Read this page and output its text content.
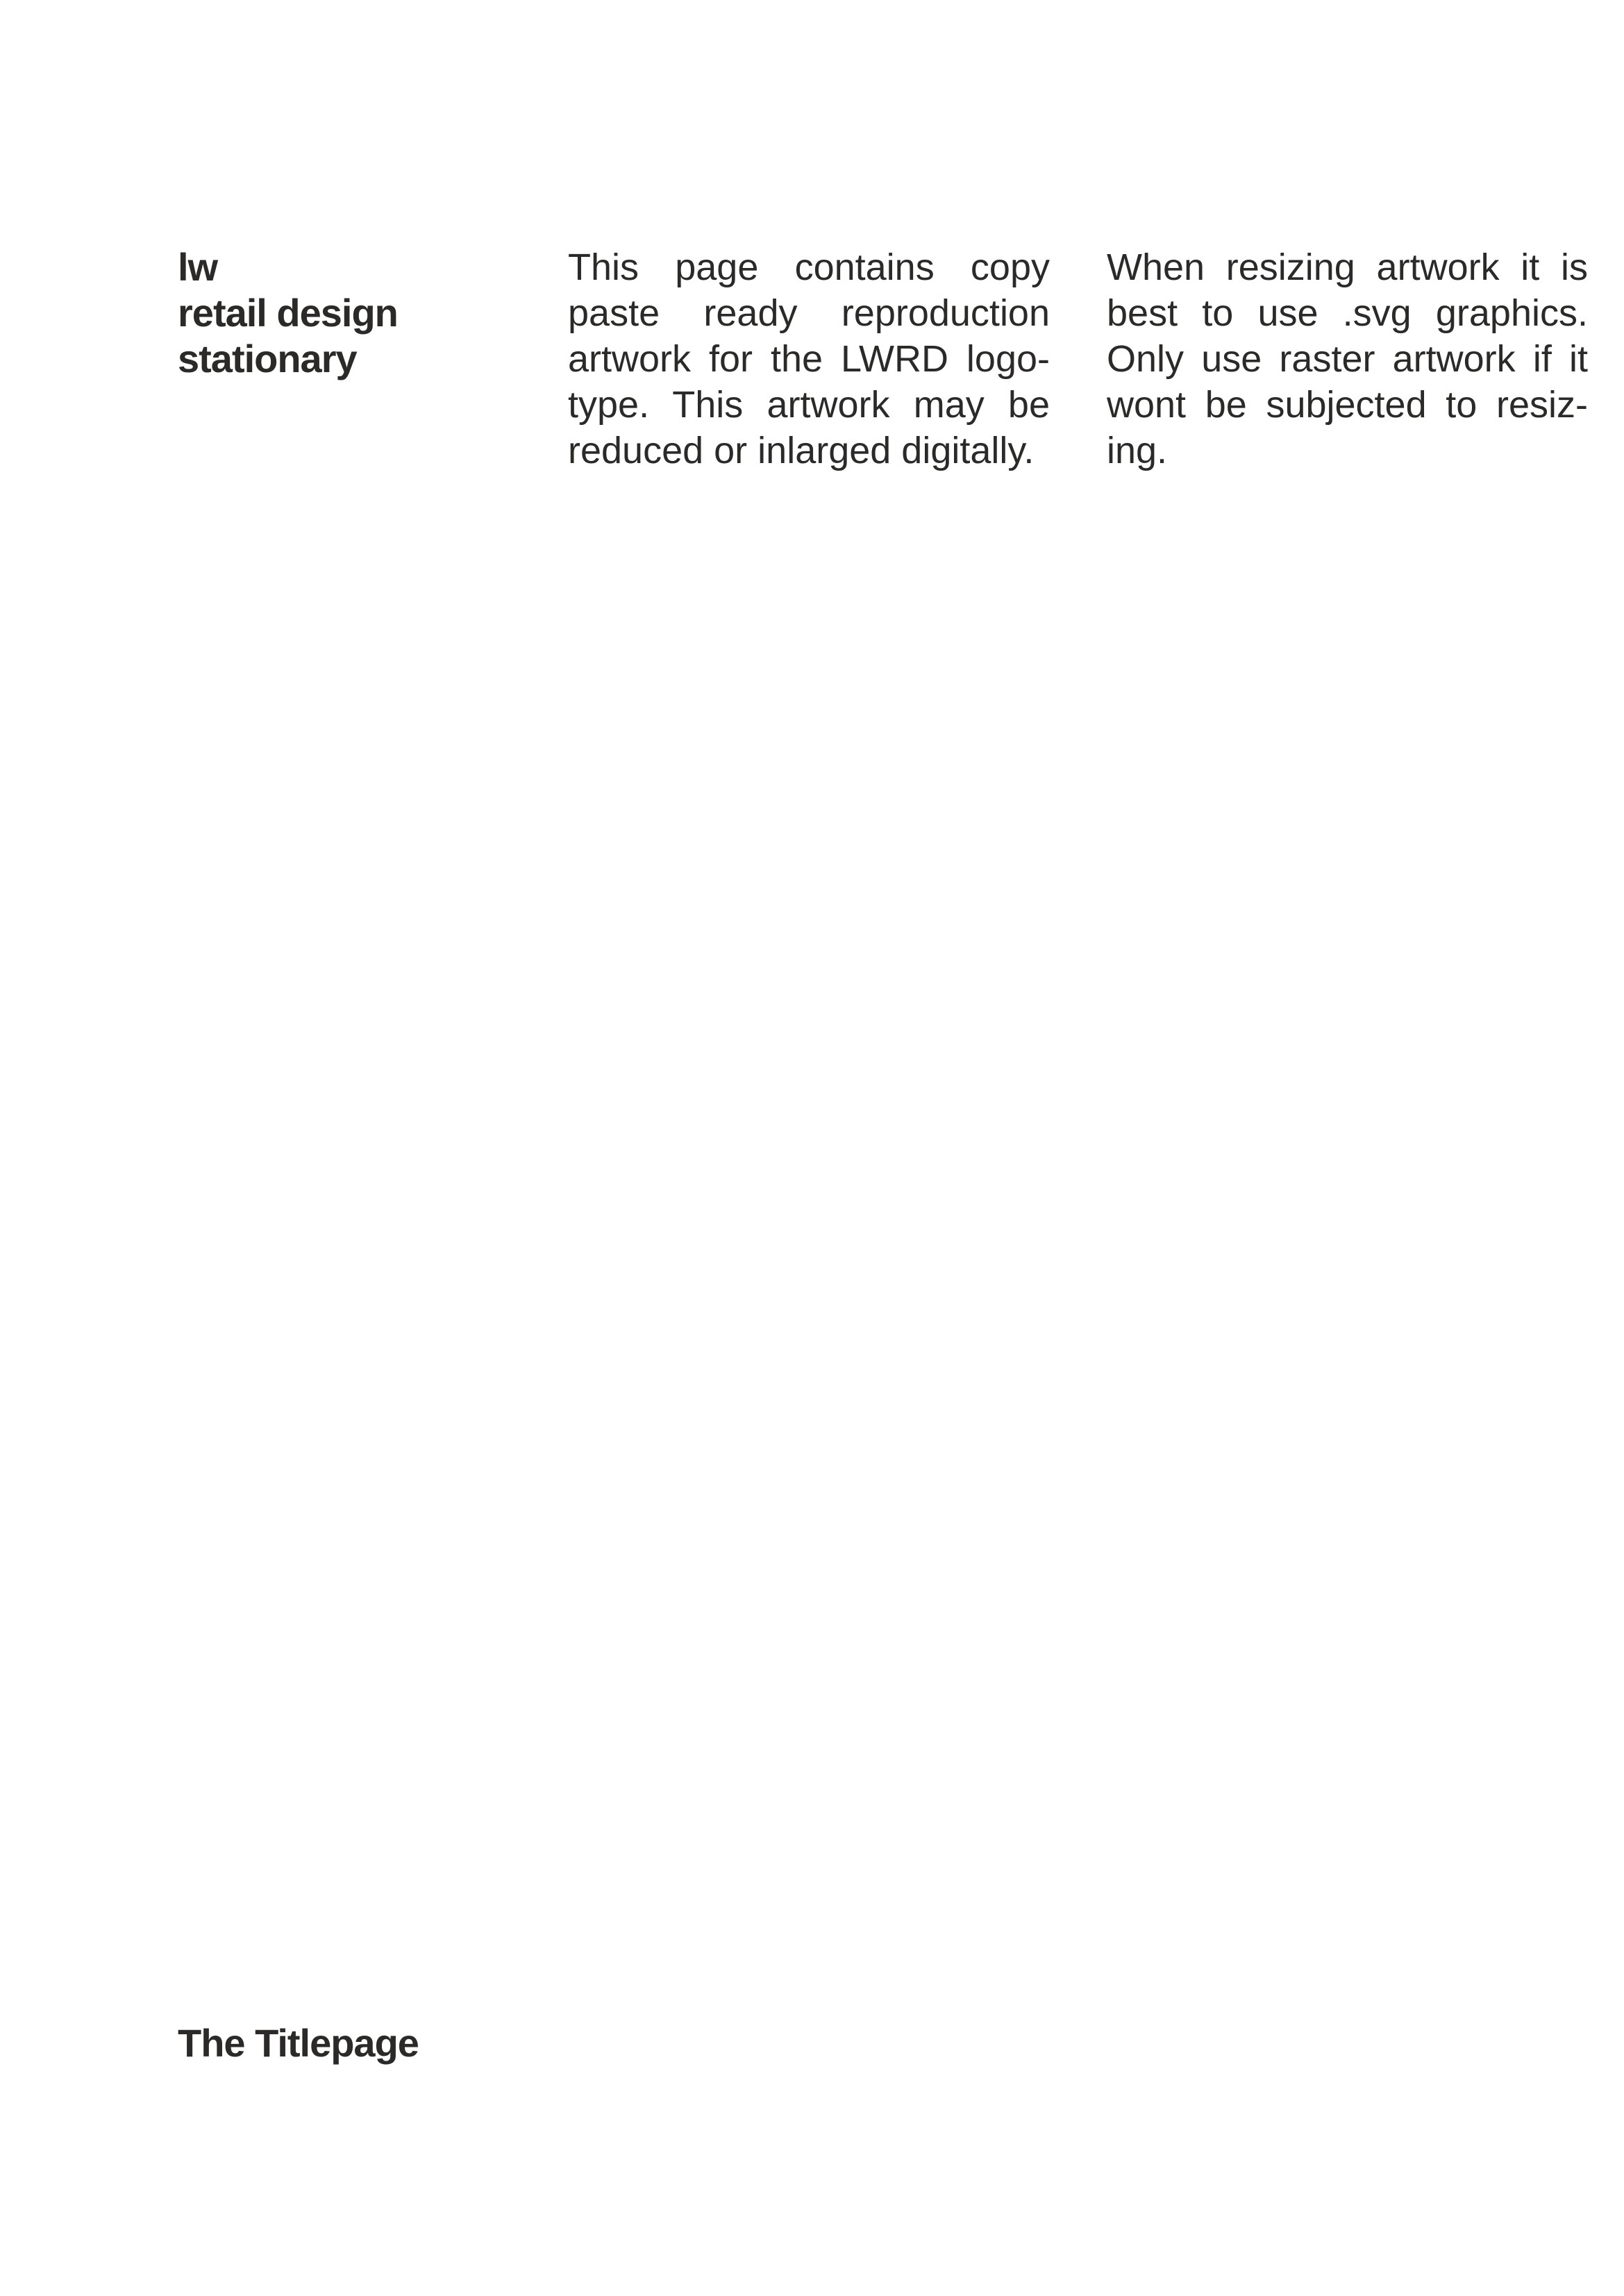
lw
retail design
stationary
This page contains copy
paste ready reproduction
artwork for the LWRD logo-
type. This artwork may be
reduced or inlarged digitally.
When resizing artwork it is
best to use .svg graphics.
Only use raster artwork if it
wont be subjected to resiz-
ing.
The Titlepage
